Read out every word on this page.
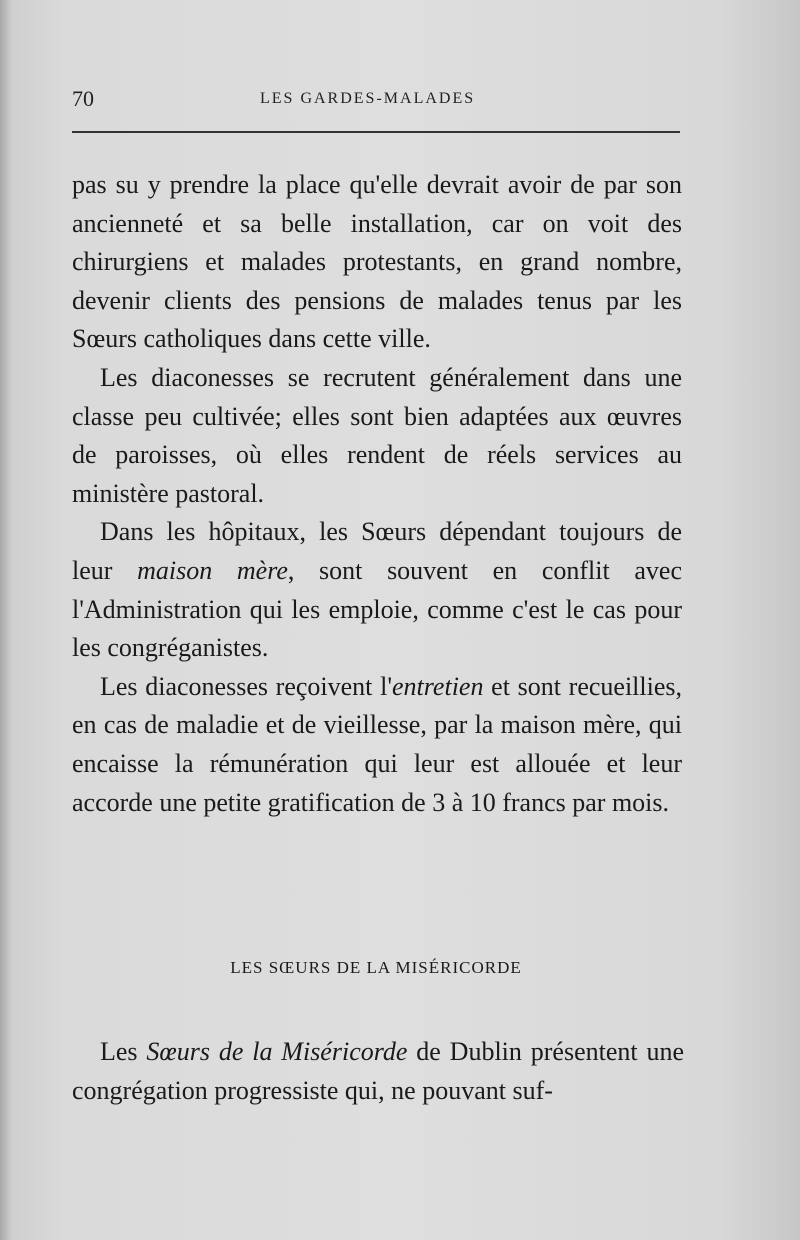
70	LES GARDES-MALADES

pas su y prendre la place qu'elle devrait avoir de par son ancienneté et sa belle installation, car on voit des chirurgiens et malades protestants, en grand nombre, devenir clients des pensions de malades tenus par les Sœurs catholiques dans cette ville.

Les diaconesses se recrutent généralement dans une classe peu cultivée; elles sont bien adaptées aux œuvres de paroisses, où elles rendent de réels services au ministère pastoral.

Dans les hôpitaux, les Sœurs dépendant toujours de leur maison mère, sont souvent en conflit avec l'Administration qui les emploie, comme c'est le cas pour les congréganistes.

Les diaconesses reçoivent l'entretien et sont recueillies, en cas de maladie et de vieillesse, par la maison mère, qui encaisse la rémunération qui leur est allouée et leur accorde une petite gratification de 3 à 10 francs par mois.

LES SŒURS DE LA MISÉRICORDE

Les Sœurs de la Miséricorde de Dublin présentent une congrégation progressiste qui, ne pouvant suf-
